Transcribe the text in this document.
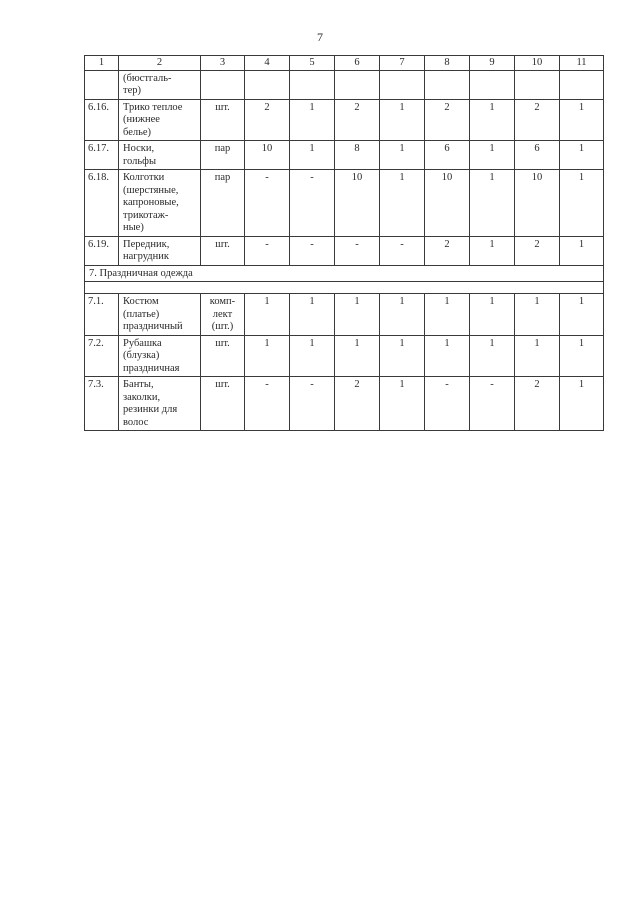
7
1	2	3	4	5	6	7	8	9	10	11
	(бюстгаль-
тер)									
6.16.	Трико теплое
(нижнее
белье)	шт.	2	1	2	1	2	1	2	1
6.17.	Носки,
гольфы	пар	10	1	8	1	6	1	6	1
6.18.	Колготки
(шерстяные,
капроновые,
трикотаж-
ные)	пар	-	-	10	1	10	1	10	1
6.19.	Передник,
нагрудник	шт.	-	-	-	-	2	1	2	1
7. Праздничная одежда										

7.1.	Костюм
(платье)
праздничный	комп-
лект
(шт.)	1	1	1	1	1	1	1	1
7.2.	Рубашка
(блузка)
праздничная	шт.	1	1	1	1	1	1	1	1
7.3.	Банты,
заколки,
резинки для
волос	шт.	-	-	2	1	-	-	2	1
